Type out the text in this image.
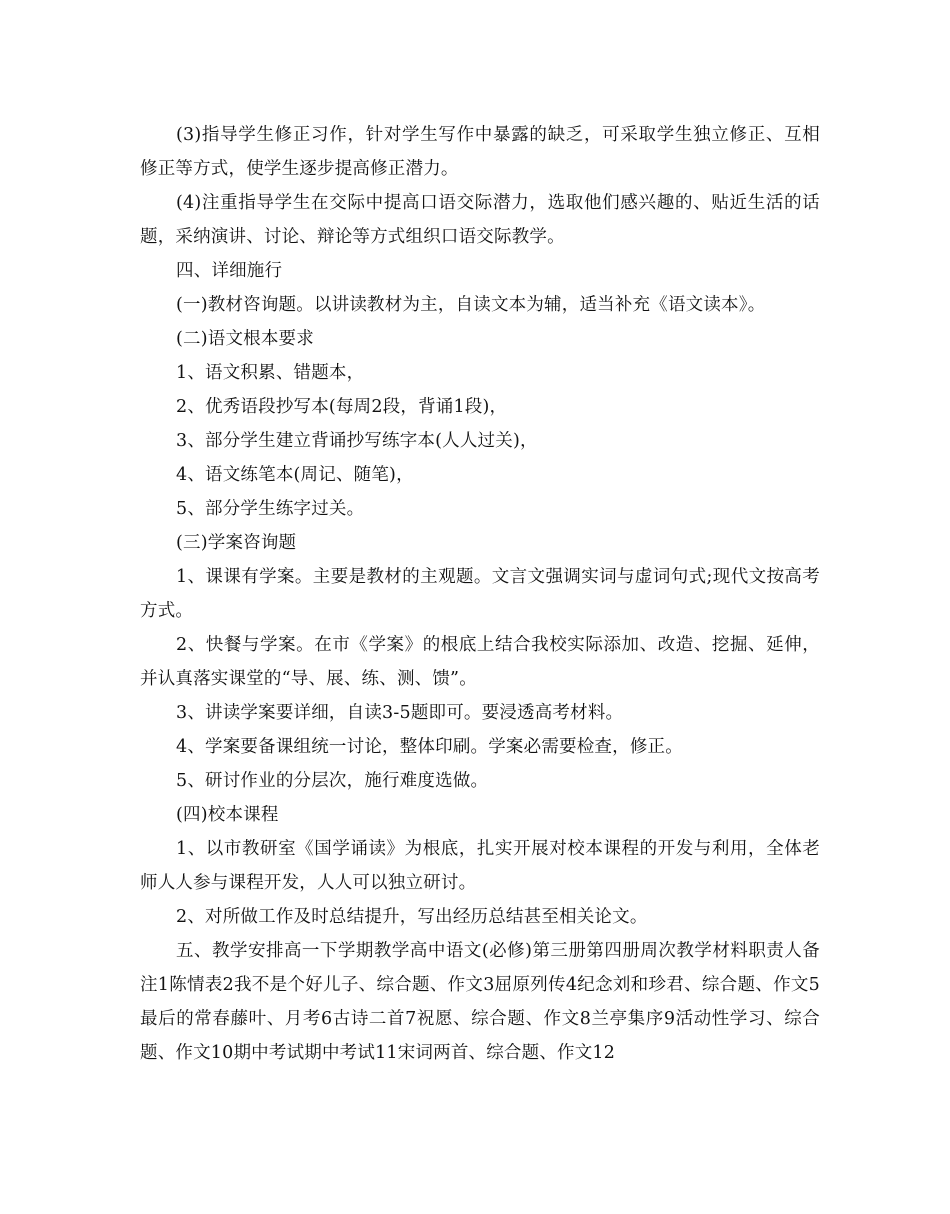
(3)指导学生修正习作，针对学生写作中暴露的缺乏，可采取学生独立修正、互相修正等方式，使学生逐步提高修正潜力。

(4)注重指导学生在交际中提高口语交际潜力，选取他们感兴趣的、贴近生活的话题，采纳演讲、讨论、辩论等方式组织口语交际教学。

四、详细施行

(一)教材咨询题。以讲读教材为主，自读文本为辅，适当补充《语文读本》。

(二)语文根本要求

1、语文积累、错题本，

2、优秀语段抄写本(每周2段，背诵1段)，

3、部分学生建立背诵抄写练字本(人人过关)，

4、语文练笔本(周记、随笔)，

5、部分学生练字过关。

(三)学案咨询题

1、课课有学案。主要是教材的主观题。文言文强调实词与虚词句式;现代文按高考方式。

2、快餐与学案。在市《学案》的根底上结合我校实际添加、改造、挖掘、延伸，并认真落实课堂的“导、展、练、测、馈”。

3、讲读学案要详细，自读3-5题即可。要浸透高考材料。

4、学案要备课组统一讨论，整体印刷。学案必需要检查，修正。

5、研讨作业的分层次，施行难度选做。

(四)校本课程

1、以市教研室《国学诵读》为根底，扎实开展对校本课程的开发与利用，全体老师人人参与课程开发，人人可以独立研讨。

2、对所做工作及时总结提升，写出经历总结甚至相关论文。

五、教学安排高一下学期教学高中语文(必修)第三册第四册周次教学材料职责人备注1陈情表2我不是个好儿子、综合题、作文3屈原列传4纪念刘和珍君、综合题、作文5最后的常春藤叶、月考6古诗二首7祝愿、综合题、作文8兰亭集序9活动性学习、综合题、作文10期中考试期中考试11宋词两首、综合题、作文12
